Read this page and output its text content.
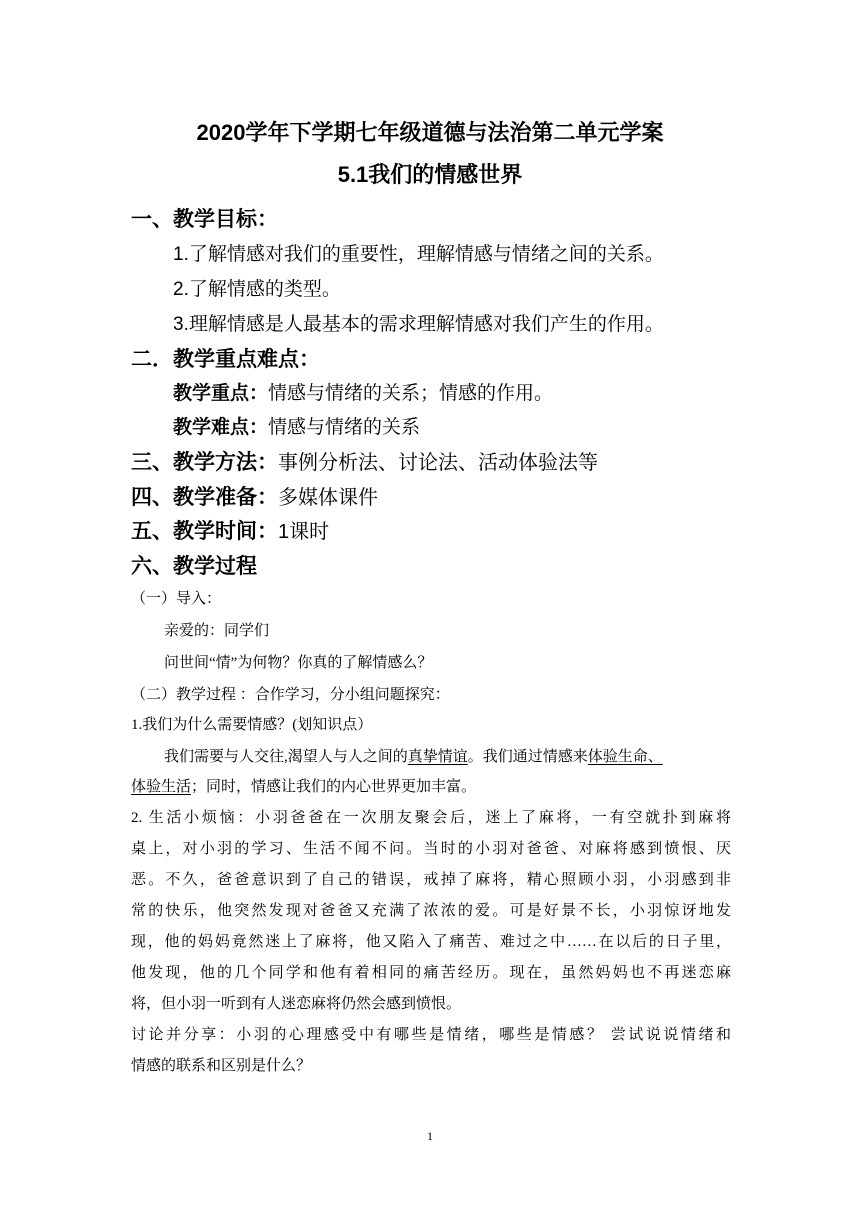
2020学年下学期七年级道德与法治第二单元学案
5.1我们的情感世界
一、教学目标：
1.了解情感对我们的重要性，理解情感与情绪之间的关系。
2.了解情感的类型。
3.理解情感是人最基本的需求理解情感对我们产生的作用。
二．教学重点难点：
教学重点：情感与情绪的关系；情感的作用。
教学难点：情感与情绪的关系
三、教学方法：事例分析法、讨论法、活动体验法等
四、教学准备：多媒体课件
五、教学时间：1课时
六、教学过程
（一）导入：
亲爱的：同学们
问世间“情”为何物？你真的了解情感么？
（二）教学过程 ：合作学习，分小组问题探究：
1.我们为什么需要情感？(划知识点）
我们需要与人交往,渴望人与人之间的真挚情谊。我们通过情感来体验生命、
体验生活；同时，情感让我们的内心世界更加丰富。
2. 生活小烦恼：小羽爸爸在一次朋友聚会后，迷上了麻将，一有空就扑到麻将
桌上，对小羽的学习、生活不闻不问。当时的小羽对爸爸、对麻将感到愤恨、厌
恶。不久，爸爸意识到了自己的错误，戒掉了麻将，精心照顾小羽，小羽感到非
常的快乐，他突然发现对爸爸又充满了浓浓的爱。可是好景不长，小羽惊讶地发
现，他的妈妈竟然迷上了麻将，他又陷入了痛苦、难过之中……在以后的日子里，
他发现，他的几个同学和他有着相同的痛苦经历。现在，虽然妈妈也不再迷恋麻
将，但小羽一听到有人迷恋麻将仍然会感到愤恨。
讨论并分享：小羽的心理感受中有哪些是情绪，哪些是情感？ 尝试说说情绪和
情感的联系和区别是什么？
1
